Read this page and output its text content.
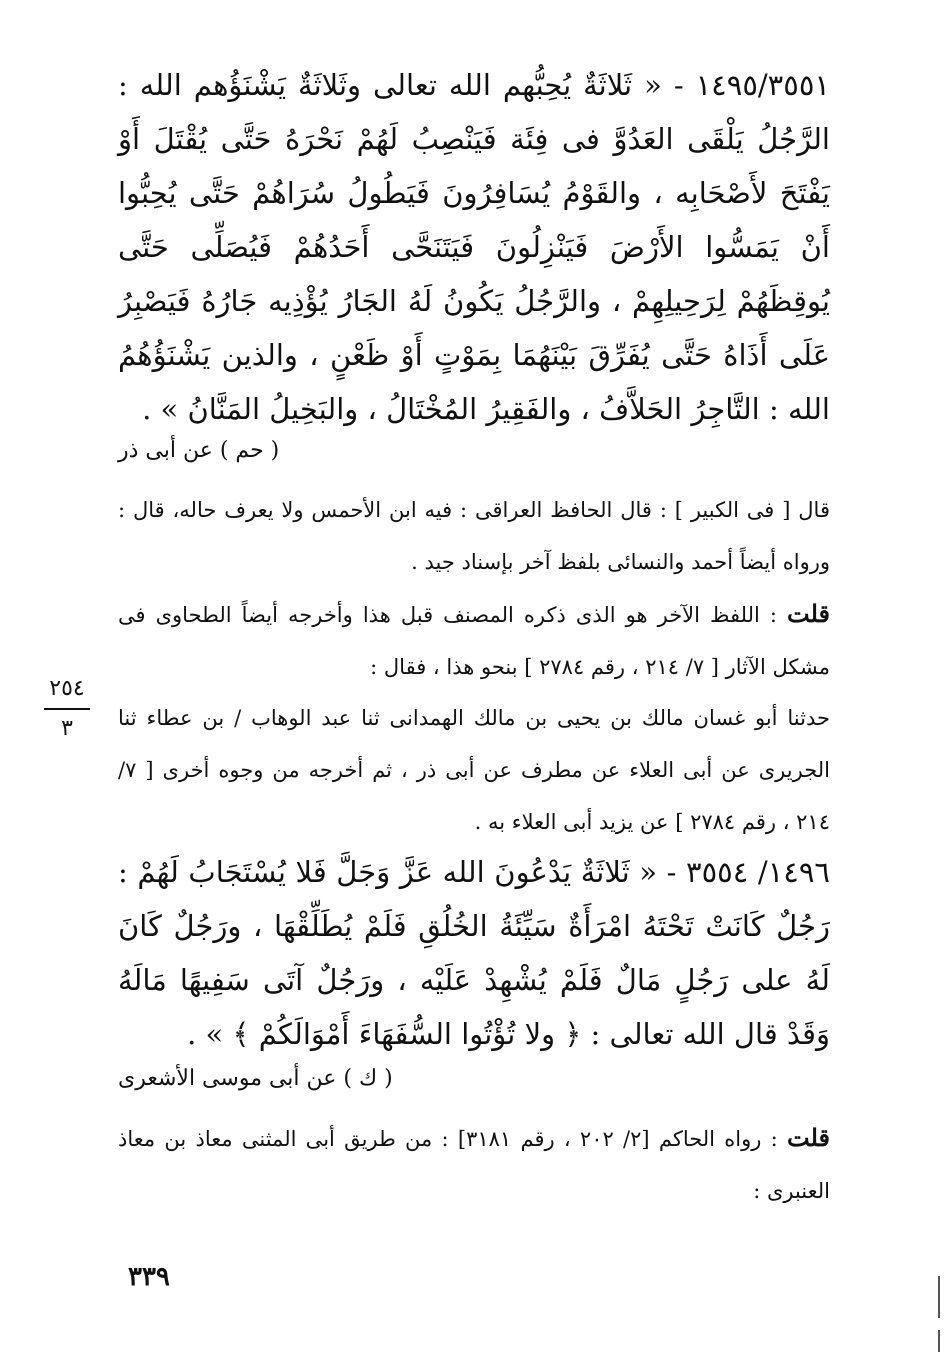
١٤٩٥/٣٥٥١ - « ثَلاثَةٌ يُحِبُّهم الله تعالى وثَلاثَةٌ يَشْنَؤُهم الله : الرَّجُلُ يَلْقَى العَدُوَّ فى فِئَة فَيَنْصِبُ لَهُمْ نَحْرَهُ حَتَّى يُقْتَلَ أَوْ يَفْتَحَ لأَصْحَابِه ، والقَوْمُ يُسَافِرُونَ فَيَطُولُ سُرَاهُمْ حَتَّى يُحِبُّوا أَنْ يَمَسُّوا الأَرْضَ فَيَنْزِلُونَ فَيَتَنَحَّى أَحَدُهُمْ فَيُصَلِّى حَتَّى يُوقِظَهُمْ لِرَحِيلِهِمْ ، والرَّجُلُ يَكُونُ لَهُ الجَارُ يُؤْذِيه جَارُهُ فَيَصْبِرُ عَلَى أَذَاهُ حَتَّى يُفَرِّقَ بَيْنَهُمَا بِمَوْتٍ أَوْ ظَعْنٍ ، والذين يَشْنَؤُهُمُ الله : التَّاجِرُ الحَلاَّفُ ، والفَقِيرُ المُخْتَالُ ، والبَخِيلُ المَنَّانُ » .
( حم ) عن أبى ذر
قال [ فى الكبير ] : قال الحافظ العراقى : فيه ابن الأحمس ولا يعرف حاله، قال : ورواه أيضاً أحمد والنسائى بلفظ آخر بإسناد جيد .
قلت : اللفظ الآخر هو الذى ذكره المصنف قبل هذا وأخرجه أيضاً الطحاوى فى مشكل الآثار [ ٧/ ٢١٤ ، رقم ٢٧٨٤ ] بنحو هذا ، فقال :
حدثنا أبو غسان مالك بن يحيى بن مالك الهمدانى ثنا عبد الوهاب / بن عطاء ثنا الجريرى عن أبى العلاء عن مطرف عن أبى ذر ، ثم أخرجه من وجوه أخرى [ ٧/ ٢١٤ ، رقم ٢٧٨٤ ] عن يزيد أبى العلاء به .
٢٥٤
٣
١٤٩٦/ ٣٥٥٤ - « ثَلاثَةٌ يَدْعُونَ الله عَزَّ وَجَلَّ فَلا يُسْتَجَابُ لَهُمْ : رَجُلٌ كَانَتْ تَحْتَهُ امْرَأَةٌ سَيِّئَةُ الخُلُقِ فَلَمْ يُطَلِّقْهَا ، ورَجُلٌ كَانَ لَهُ على رَجُلٍ مَالٌ فَلَمْ يُشْهِدْ عَلَيْه ، ورَجُلٌ آتَى سَفِيهًا مَالَهُ وَقَدْ قال الله تعالى : ﴿ ولا تُؤْتُوا السُّفَهَاءَ أَمْوَالَكُمْ ﴾ » .
( ك ) عن أبى موسى الأشعرى
قلت : رواه الحاكم [٢/ ٢٠٢ ، رقم ٣١٨١] : من طريق أبى المثنى معاذ بن معاذ العنبرى :
٣٣٩
